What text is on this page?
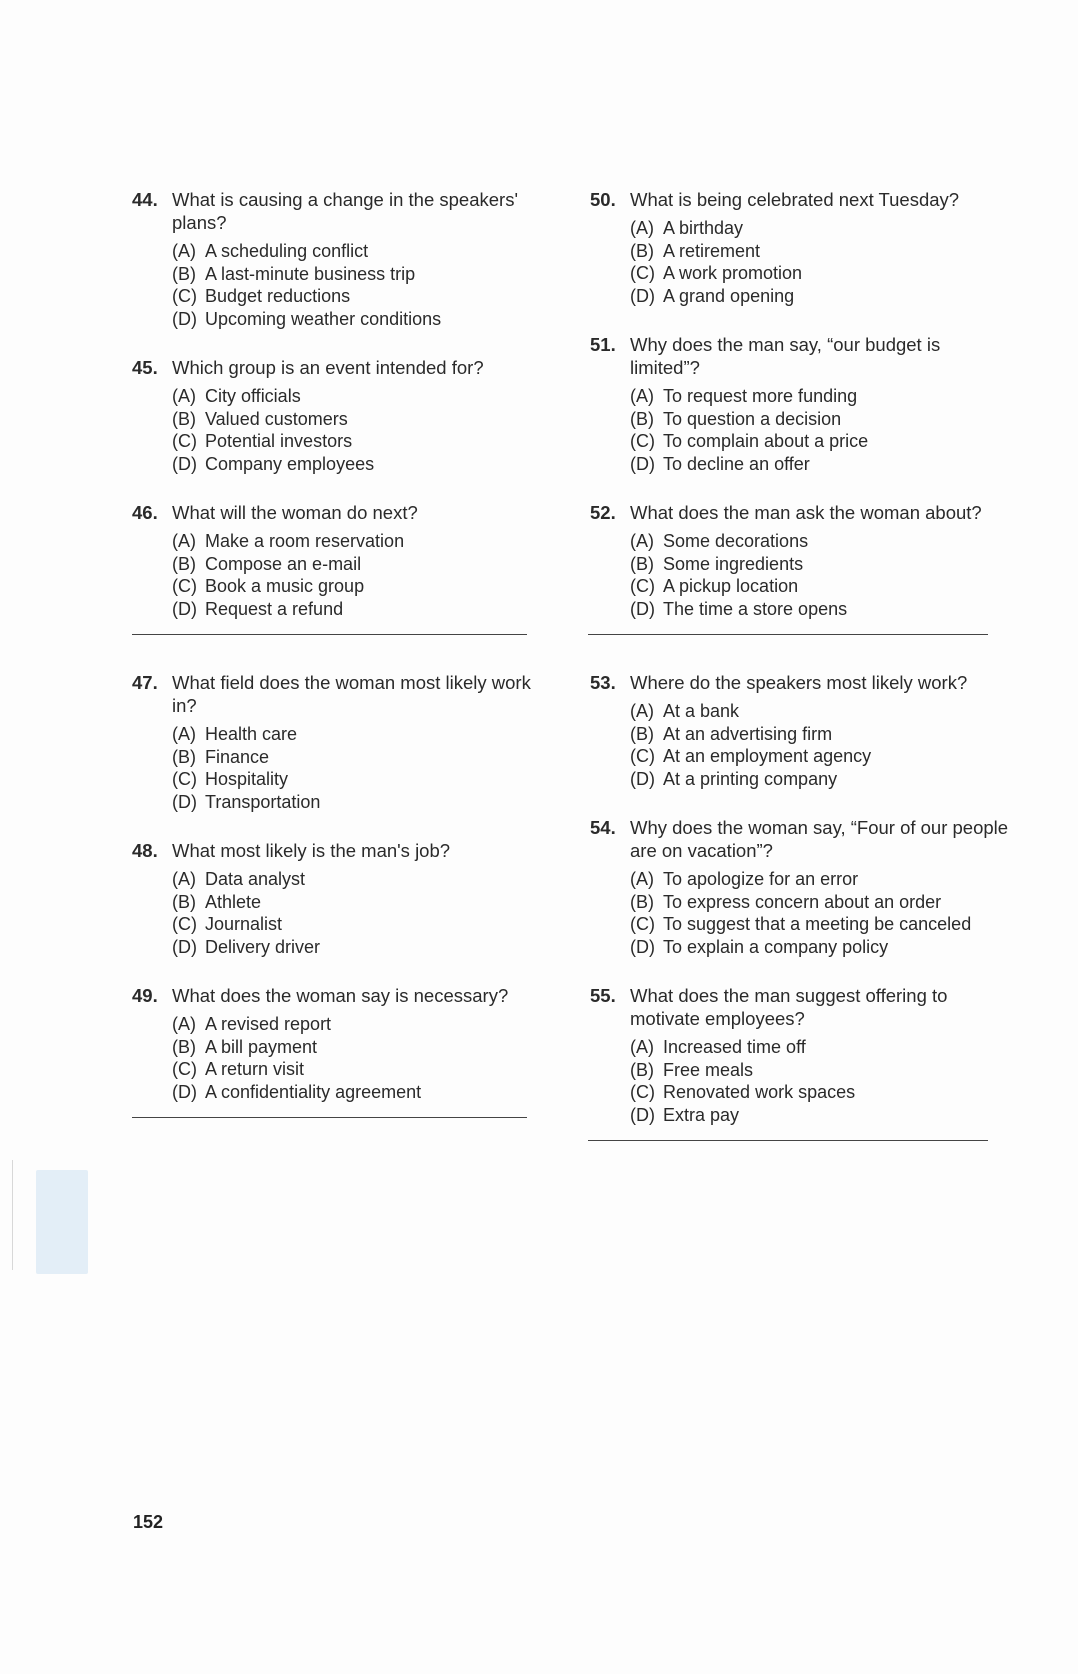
44. What is causing a change in the speakers' plans?
(A) A scheduling conflict
(B) A last-minute business trip
(C) Budget reductions
(D) Upcoming weather conditions
45. Which group is an event intended for?
(A) City officials
(B) Valued customers
(C) Potential investors
(D) Company employees
46. What will the woman do next?
(A) Make a room reservation
(B) Compose an e-mail
(C) Book a music group
(D) Request a refund
47. What field does the woman most likely work in?
(A) Health care
(B) Finance
(C) Hospitality
(D) Transportation
48. What most likely is the man's job?
(A) Data analyst
(B) Athlete
(C) Journalist
(D) Delivery driver
49. What does the woman say is necessary?
(A) A revised report
(B) A bill payment
(C) A return visit
(D) A confidentiality agreement
50. What is being celebrated next Tuesday?
(A) A birthday
(B) A retirement
(C) A work promotion
(D) A grand opening
51. Why does the man say, “our budget is limited”?
(A) To request more funding
(B) To question a decision
(C) To complain about a price
(D) To decline an offer
52. What does the man ask the woman about?
(A) Some decorations
(B) Some ingredients
(C) A pickup location
(D) The time a store opens
53. Where do the speakers most likely work?
(A) At a bank
(B) At an advertising firm
(C) At an employment agency
(D) At a printing company
54. Why does the woman say, “Four of our people are on vacation”?
(A) To apologize for an error
(B) To express concern about an order
(C) To suggest that a meeting be canceled
(D) To explain a company policy
55. What does the man suggest offering to motivate employees?
(A) Increased time off
(B) Free meals
(C) Renovated work spaces
(D) Extra pay
152
